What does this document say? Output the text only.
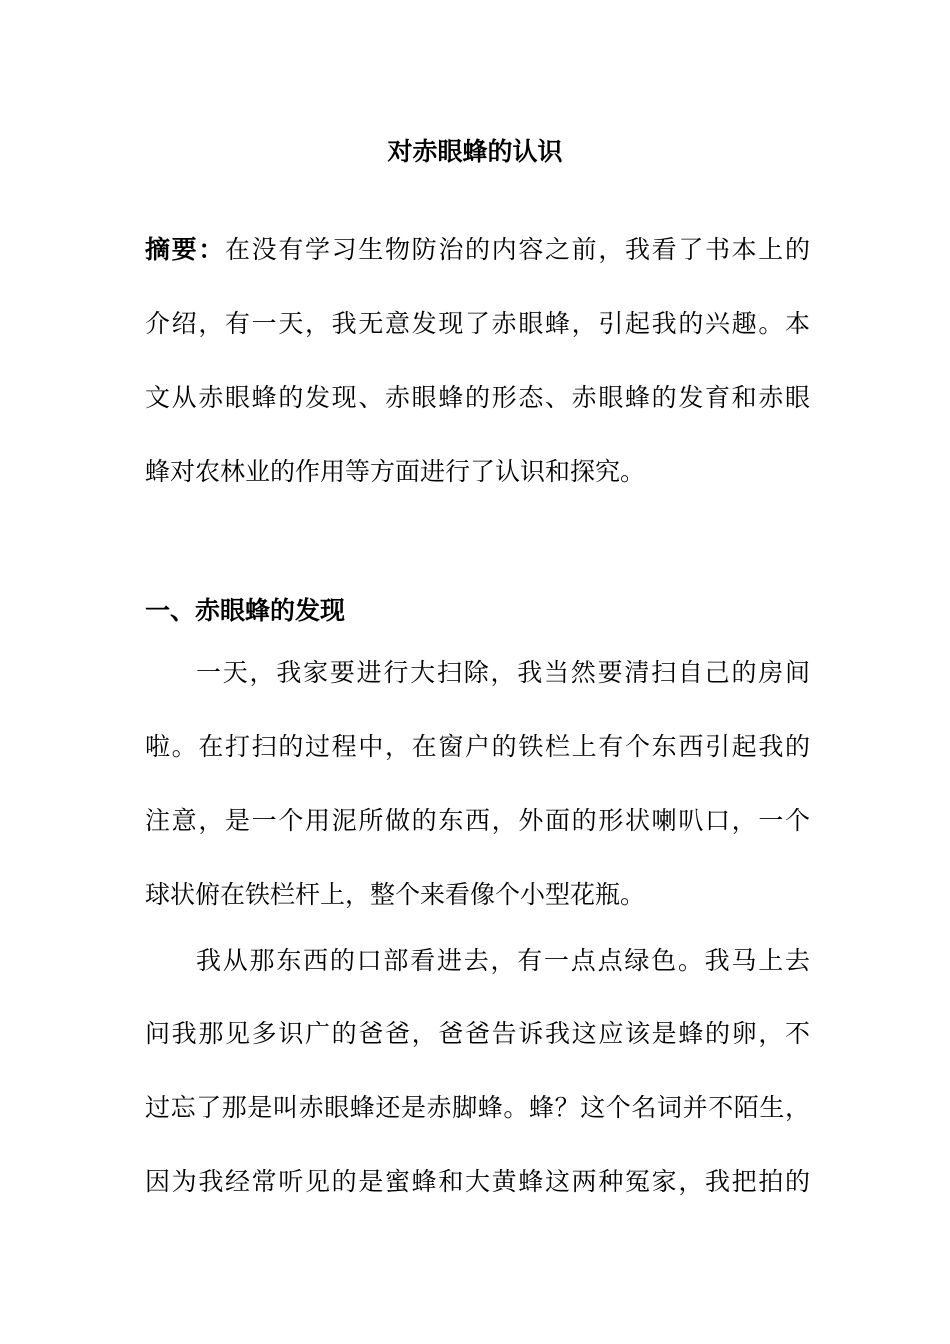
对赤眼蜂的认识
摘要：在没有学习生物防治的内容之前，我看了书本上的
介绍，有一天，我无意发现了赤眼蜂，引起我的兴趣。本
文从赤眼蜂的发现、赤眼蜂的形态、赤眼蜂的发育和赤眼
蜂对农林业的作用等方面进行了认识和探究。
一、赤眼蜂的发现
一天，我家要进行大扫除，我当然要清扫自己的房间
啦。在打扫的过程中，在窗户的铁栏上有个东西引起我的
注意，是一个用泥所做的东西，外面的形状喇叭口，一个
球状俯在铁栏杆上，整个来看像个小型花瓶。
我从那东西的口部看进去，有一点点绿色。我马上去
问我那见多识广的爸爸，爸爸告诉我这应该是蜂的卵，不
过忘了那是叫赤眼蜂还是赤脚蜂。蜂？这个名词并不陌生，
因为我经常听见的是蜜蜂和大黄蜂这两种冤家，我把拍的
